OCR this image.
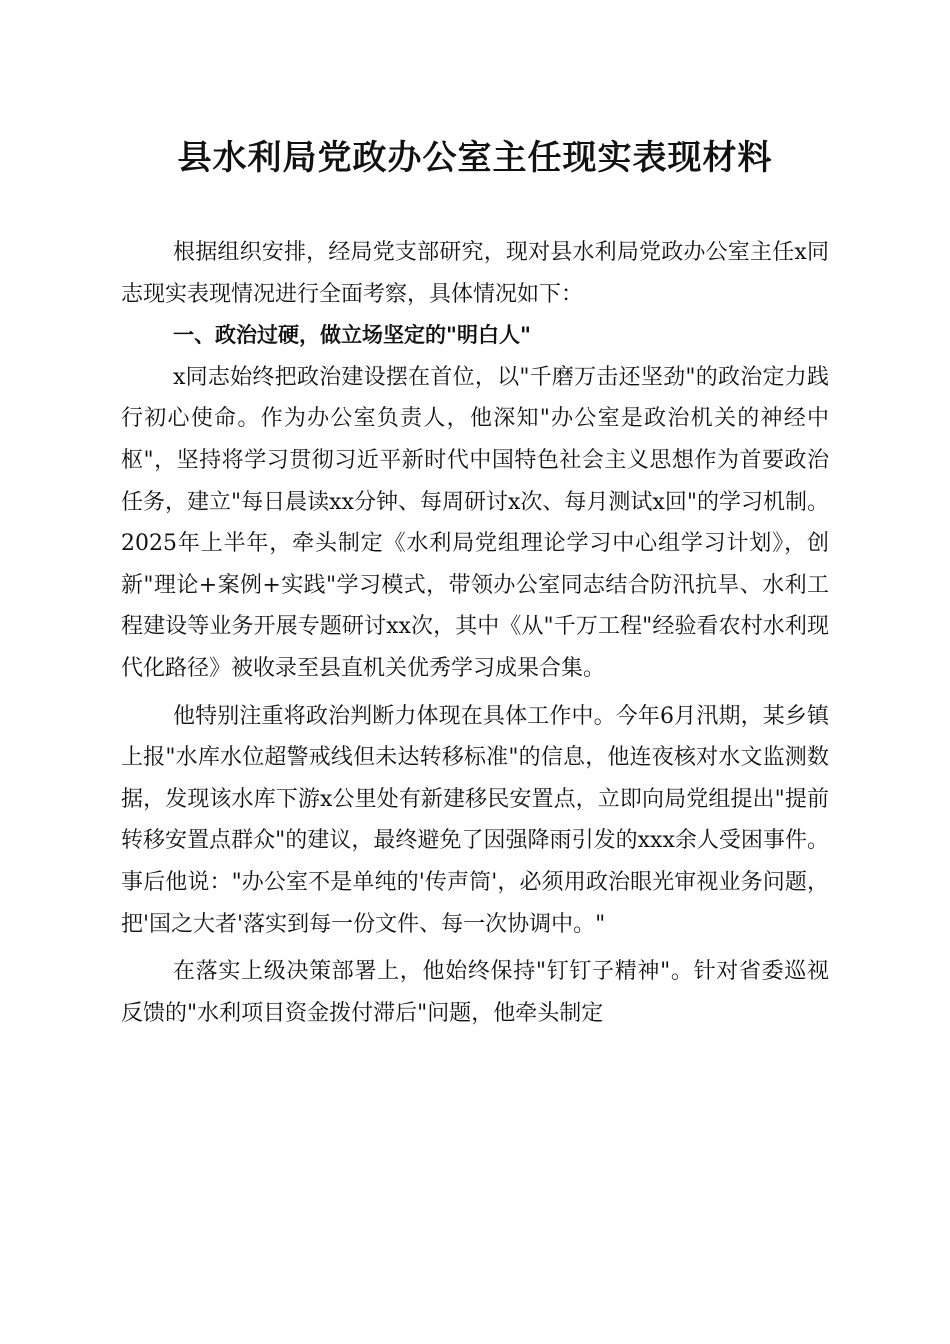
县水利局党政办公室主任现实表现材料

根据组织安排，经局党支部研究，现对县水利局党政办公室主任x同志现实表现情况进行全面考察，具体情况如下：

一、政治过硬，做立场坚定的"明白人"

x同志始终把政治建设摆在首位，以"千磨万击还坚劲"的政治定力践行初心使命。作为办公室负责人，他深知"办公室是政治机关的神经中枢"，坚持将学习贯彻习近平新时代中国特色社会主义思想作为首要政治任务，建立"每日晨读xx分钟、每周研讨x次、每月测试x回"的学习机制。2025年上半年，牵头制定《水利局党组理论学习中心组学习计划》，创新"理论+案例+实践"学习模式，带领办公室同志结合防汛抗旱、水利工程建设等业务开展专题研讨xx次，其中《从"千万工程"经验看农村水利现代化路径》被收录至县直机关优秀学习成果合集。

他特别注重将政治判断力体现在具体工作中。今年6月汛期，某乡镇上报"水库水位超警戒线但未达转移标准"的信息，他连夜核对水文监测数据，发现该水库下游x公里处有新建移民安置点，立即向局党组提出"提前转移安置点群众"的建议，最终避免了因强降雨引发的xxx余人受困事件。事后他说："办公室不是单纯的'传声筒'，必须用政治眼光审视业务问题，把'国之大者'落实到每一份文件、每一次协调中。"

在落实上级决策部署上，他始终保持"钉钉子精神"。针对省委巡视反馈的"水利项目资金拨付滞后"问题，他牵头制定
